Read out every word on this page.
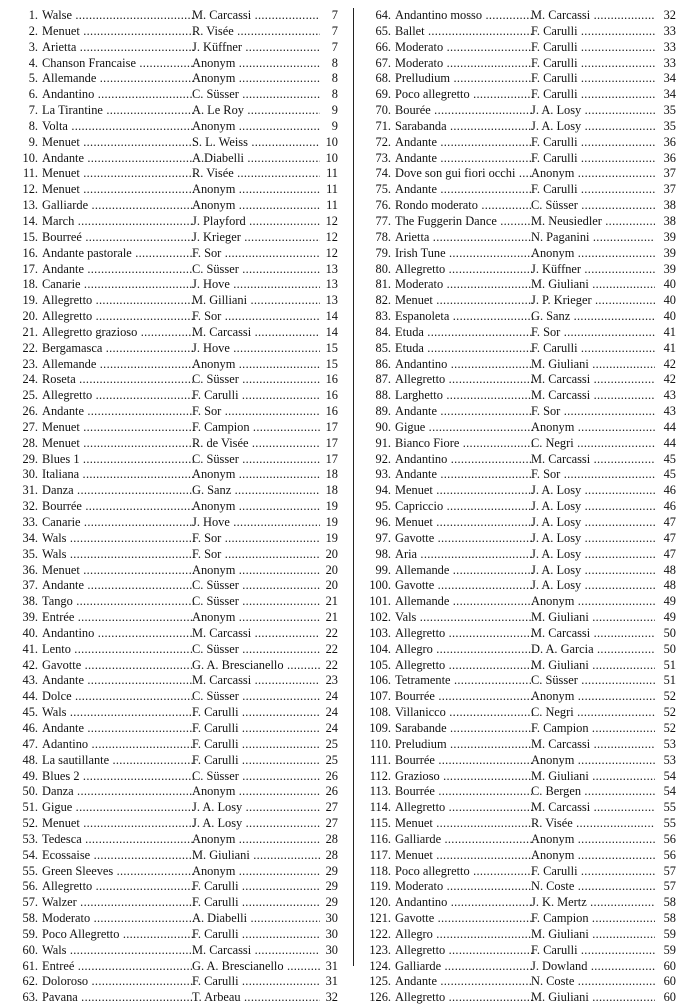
1. Walse .....	M. Carcassi .....	7
2. Menuet .....	R. Visée .....	7
3. Arietta .....	J. Küffner .....	7
4. Chanson Francaise .....	Anonym .....	8
5. Allemande .....	Anonym .....	8
6. Andantino .....	C. Süsser .....	8
7. La Tirantine .....	A. Le Roy .....	9
8. Volta .....	Anonym .....	9
9. Menuet .....	S. L. Weiss .....	10
10. Andante .....	A.Diabelli .....	10
11. Menuet .....	R. Visée .....	11
12. Menuet .....	Anonym .....	11
13. Galliarde .....	Anonym .....	11
14. March .....	J. Playford .....	12
15. Bourreé .....	J. Krieger .....	12
16. Andante pastorale .....	F. Sor .....	12
17. Andante .....	C. Süsser .....	13
18. Canarie .....	J. Hove .....	13
19. Allegretto .....	M. Gilliani .....	13
20. Allegretto .....	F. Sor .....	14
21. Allegretto grazioso .....	M. Carcassi .....	14
22. Bergamasca .....	J. Hove .....	15
23. Allemande .....	Anonym .....	15
24. Roseta .....	C. Süsser .....	16
25. Allegretto .....	F. Carulli .....	16
26. Andante .....	F. Sor .....	16
27. Menuet .....	F. Campion .....	17
28. Menuet .....	R. de Visée .....	17
29. Blues 1 .....	C. Süsser .....	17
30. Italiana .....	Anonym .....	18
31. Danza .....	G. Sanz .....	18
32. Bourrée .....	Anonym .....	19
33. Canarie .....	J. Hove .....	19
34. Wals .....	F. Sor .....	19
35. Wals .....	F. Sor .....	20
36. Menuet .....	Anonym .....	20
37. Andante .....	C. Süsser .....	20
38. Tango .....	C. Süsser .....	21
39. Entrée .....	Anonym .....	21
40. Andantino .....	M. Carcassi .....	22
41. Lento .....	C. Süsser .....	22
42. Gavotte .....	G. A. Brescianello .....	22
43. Andante .....	M. Carcassi .....	23
44. Dolce .....	C. Süsser .....	24
45. Wals .....	F. Carulli .....	24
46. Andante .....	F. Carulli .....	24
47. Adantino .....	F. Carulli .....	25
48. La sautillante .....	F. Carulli .....	25
49. Blues 2 .....	C. Süsser .....	26
50. Danza .....	Anonym .....	26
51. Gigue .....	J. A. Losy .....	27
52. Menuet .....	J. A. Losy .....	27
53. Tedesca .....	Anonym .....	28
54. Ecossaise .....	M. Giuliani .....	28
55. Green Sleeves .....	Anonym .....	29
56. Allegretto .....	F. Carulli .....	29
57. Walzer .....	F. Carulli .....	29
58. Moderato .....	A. Diabelli .....	30
59. Poco Allegretto .....	F. Carulli .....	30
60. Wals .....	M. Carcassi .....	30
61. Entreé .....	G. A. Brescianello .....	31
62. Doloroso .....	F. Carulli .....	31
63. Pavana .....	T. Arbeau .....	32
64. Andantino mosso .....	M. Carcassi .....	32
65. Ballet .....	F. Carulli .....	33
66. Moderato .....	F. Carulli .....	33
67. Moderato .....	F. Carulli .....	33
68. Prelludium .....	F. Carulli .....	34
69. Poco allegretto .....	F. Carulli .....	34
70. Bourée .....	J. A. Losy .....	35
71. Sarabanda .....	J. A. Losy .....	35
72. Andante .....	F. Carulli .....	36
73. Andante .....	F. Carulli .....	36
74. Dove son gui fiori occhi .....	Anonym .....	37
75. Andante .....	F. Carulli .....	37
76. Rondo moderato .....	C. Süsser .....	38
77. The Fuggerin Dance .....	M. Neusiedler .....	38
78. Arietta .....	N. Paganini .....	39
79. Irish Tune .....	Anonym .....	39
80. Allegretto .....	J. Küffner .....	39
81. Moderato .....	M. Giuliani .....	40
82. Menuet .....	J. P. Krieger .....	40
83. Espanoleta .....	G. Sanz .....	40
84. Etuda .....	F. Sor .....	41
85. Etuda .....	F. Carulli .....	41
86. Andantino .....	M. Giuliani .....	42
87. Allegretto .....	M. Carcassi .....	42
88. Larghetto .....	M. Carcassi .....	43
89. Andante .....	F. Sor .....	43
90. Gigue .....	Anonym .....	44
91. Bianco Fiore .....	C. Negri .....	44
92. Andantino .....	M. Carcassi .....	45
93. Andante .....	F. Sor .....	45
94. Menuet .....	J. A. Losy .....	46
95. Capriccio .....	J. A. Losy .....	46
96. Menuet .....	J. A. Losy .....	47
97. Gavotte .....	J. A. Losy .....	47
98. Aria .....	J. A. Losy .....	47
99. Allemande .....	J. A. Losy .....	48
100. Gavotte .....	J. A. Losy .....	48
101. Allemande .....	Anonym .....	49
102. Vals .....	M. Giuliani .....	49
103. Allegretto .....	M. Carcassi .....	50
104. Allegro .....	D. A. Garcia .....	50
105. Allegretto .....	M. Giuliani .....	51
106. Tetramente .....	C. Süsser .....	51
107. Bourrée .....	Anonym .....	52
108. Villanicco .....	C. Negri .....	52
109. Sarabande .....	F. Campion .....	52
110. Preludium .....	M. Carcassi .....	53
111. Bourrée .....	Anonym .....	53
112. Grazioso .....	M. Giuliani .....	54
113. Bourrée .....	C. Bergen .....	54
114. Allegretto .....	M. Carcassi .....	55
115. Menuet .....	R. Visée .....	55
116. Galliarde .....	Anonym .....	56
117. Menuet .....	Anonym .....	56
118. Poco allegretto .....	F. Carulli .....	57
119. Moderato .....	N. Coste .....	57
120. Andantino .....	J. K. Mertz .....	58
121. Gavotte .....	F. Campion .....	58
122. Allegro .....	M. Giuliani .....	59
123. Allegretto .....	F. Carulli .....	59
124. Galliarde .....	J. Dowland .....	60
125. Andante .....	N. Coste .....	60
126. Allegretto .....	M. Giuliani .....	60
